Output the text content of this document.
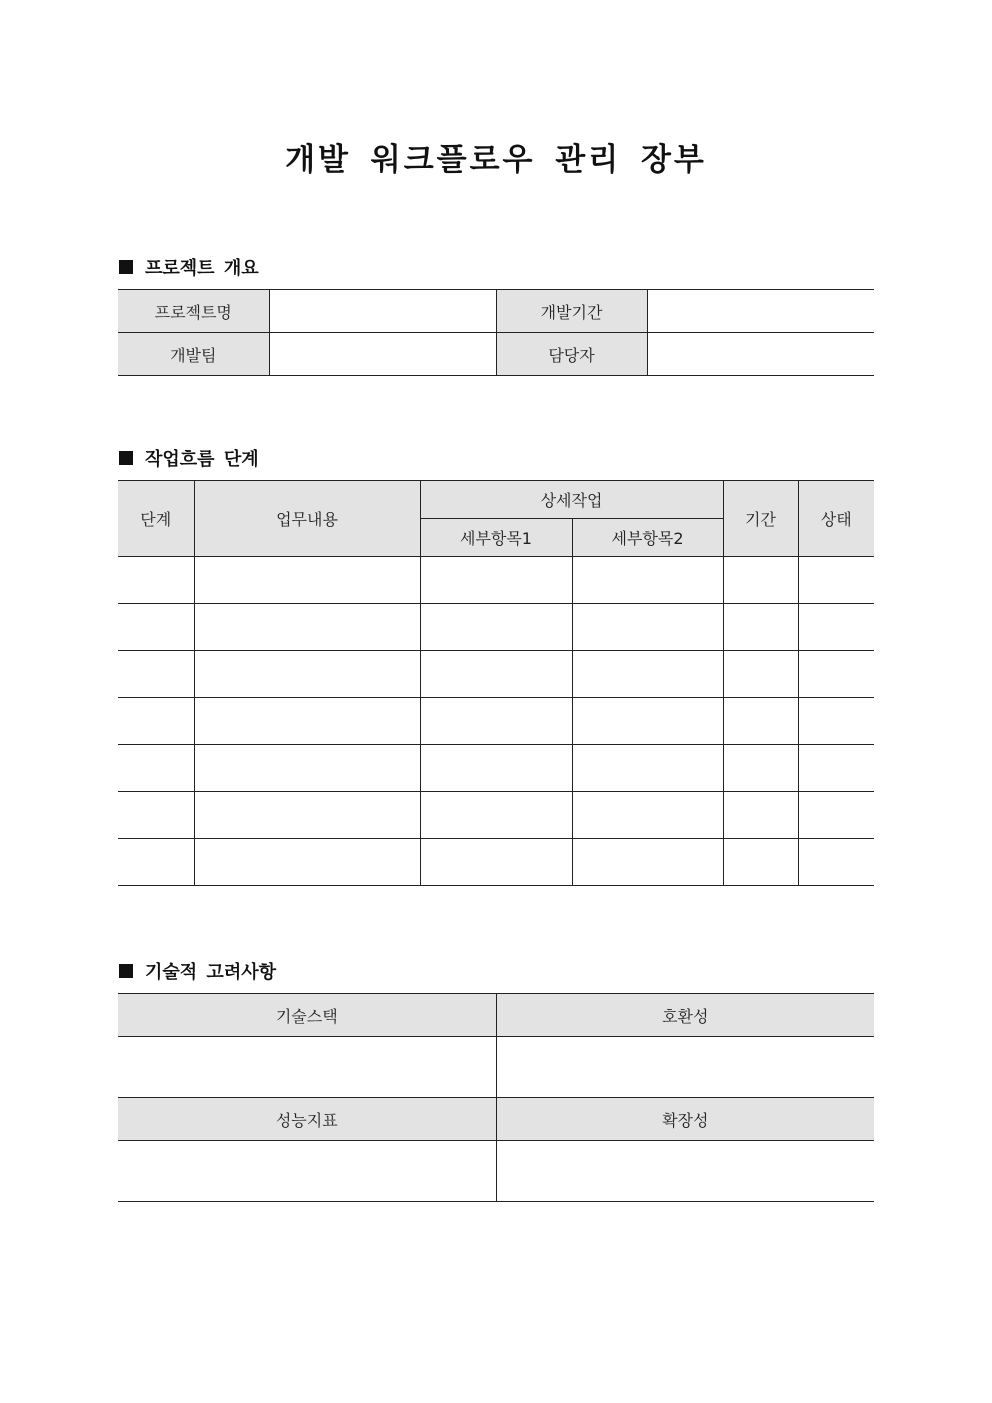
개발 워크플로우 관리 장부
프로젝트 개요
프로젝트명		개발기간	
개발팀		담당자	
작업흐름 단계
단계	업무내용	상세작업		기간	상태
		세부항목1	세부항목2		

기술적 고려사항
기술스택	호환성

성능지표	확장성
